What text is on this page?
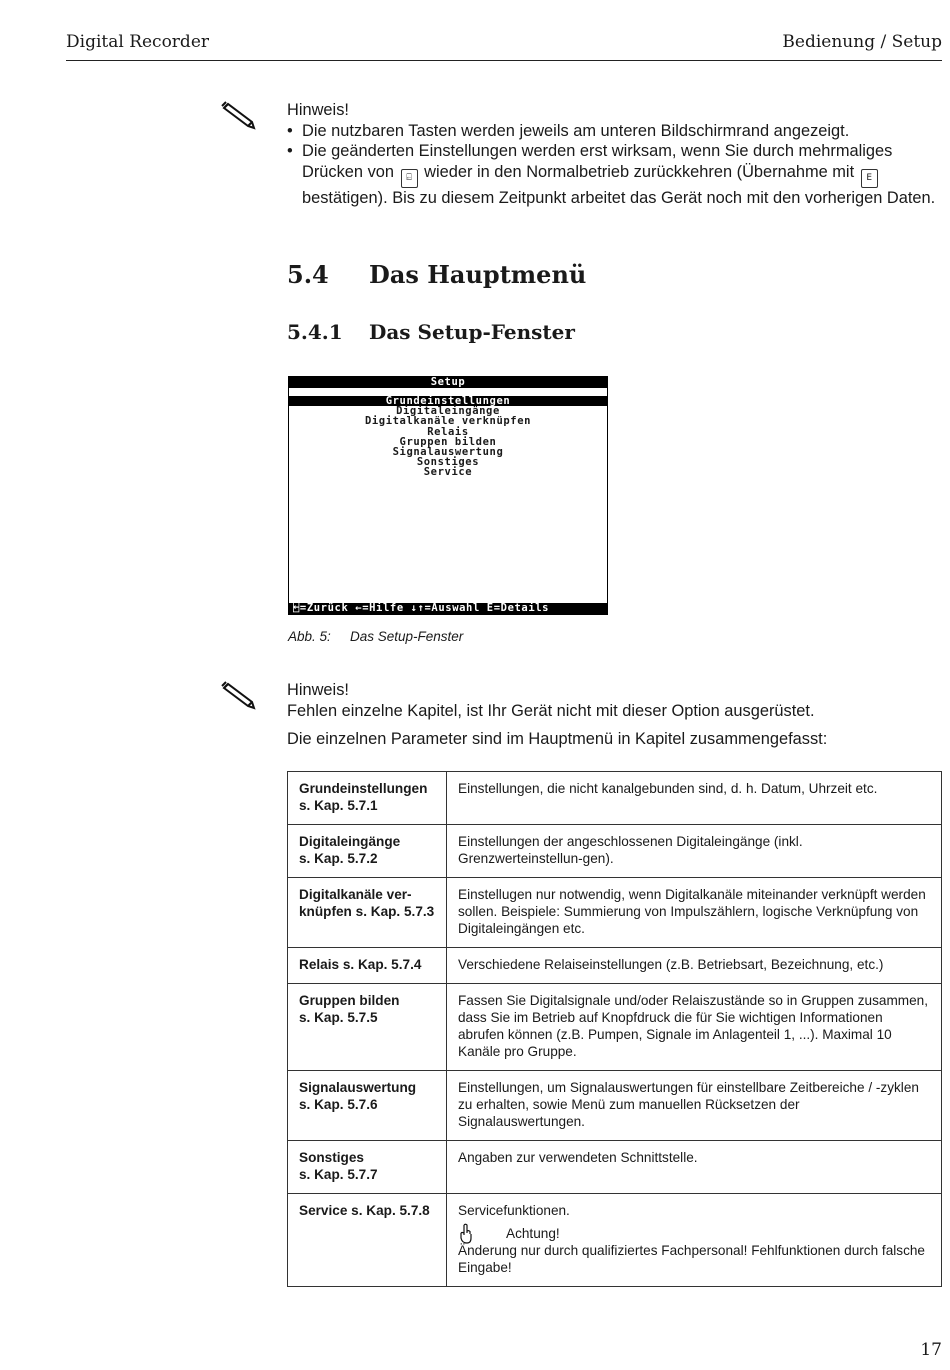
Digital Recorder	Bedienung / Setup
Hinweis!
• Die nutzbaren Tasten werden jeweils am unteren Bildschirmrand angezeigt.
• Die geänderten Einstellungen werden erst wirksam, wenn Sie durch mehrmaliges Drücken von ⍇ wieder in den Normalbetrieb zurückkehren (Übernahme mit E bestätigen). Bis zu diesem Zeitpunkt arbeitet das Gerät noch mit den vorherigen Daten.
5.4 Das Hauptmenü
5.4.1 Das Setup-Fenster
Setup
Grundeinstellungen
Digitaleingänge
Digitalkanäle verknüpfen
Relais
Gruppen bilden
Signalauswertung
Sonstiges
Service
⍇=Zurück ←=Hilfe ↓↑=Auswahl E=Details
Abb. 5: Das Setup-Fenster
Hinweis!
Fehlen einzelne Kapitel, ist Ihr Gerät nicht mit dieser Option ausgerüstet.
Die einzelnen Parameter sind im Hauptmenü in Kapitel zusammengefasst:
Grundeinstellungen
s. Kap. 5.7.1	Einstellungen, die nicht kanalgebunden sind, d. h. Datum, Uhrzeit etc.

Digitaleingänge
s. Kap. 5.7.2	Einstellungen der angeschlossenen Digitaleingänge (inkl. Grenzwerteinstellun-gen).

Digitalkanäle ver-knüpfen s. Kap. 5.7.3	Einstellugen nur notwendig, wenn Digitalkanäle miteinander verknüpft werden sollen. Beispiele: Summierung von Impulszählern, logische Verknüpfung von Digitaleingängen etc.

Relais s. Kap. 5.7.4	Verschiedene Relaiseinstellungen (z.B. Betriebsart, Bezeichnung, etc.)

Gruppen bilden
s. Kap. 5.7.5	Fassen Sie Digitalsignale und/oder Relaiszustände so in Gruppen zusammen, dass Sie im Betrieb auf Knopfdruck die für Sie wichtigen Informationen abrufen können (z.B. Pumpen, Signale im Anlagenteil 1, ...). Maximal 10 Kanäle pro Gruppe.

Signalauswertung
s. Kap. 5.7.6	Einstellungen, um Signalauswertungen für einstellbare Zeitbereiche / -zyklen zu erhalten, sowie Menü zum manuellen Rücksetzen der Signalauswertungen.

Sonstiges
s. Kap. 5.7.7	Angaben zur verwendeten Schnittstelle.

Service s. Kap. 5.7.8	Servicefunktionen.
Achtung!
Änderung nur durch qualifiziertes Fachpersonal! Fehlfunktionen durch falsche Eingabe!
17
